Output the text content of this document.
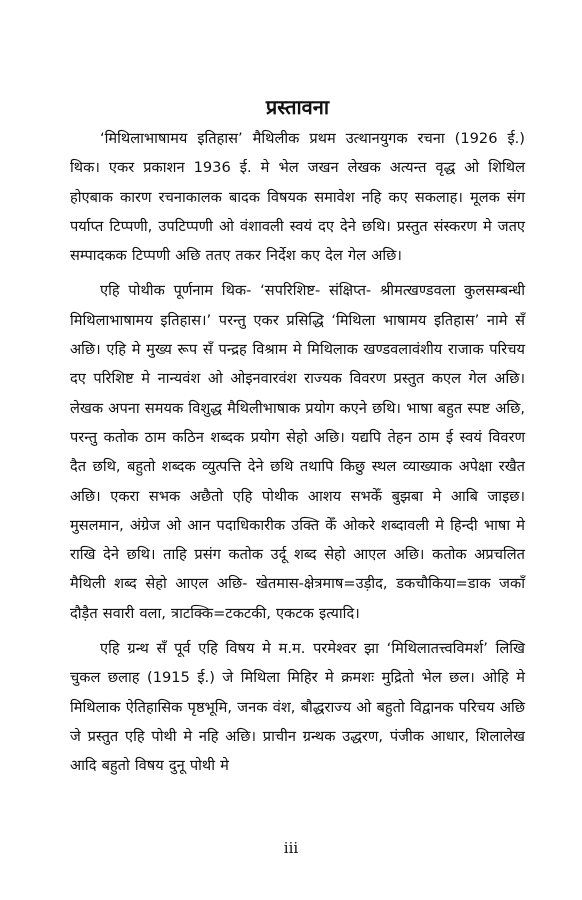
प्रस्तावना

‘मिथिलाभाषामय इतिहास’ मैथिलीक प्रथम उत्थानयुगक रचना (1926 ई.) थिक। एकर प्रकाशन 1936 ई. मे भेल जखन लेखक अत्यन्त वृद्ध ओ शिथिल होएबाक कारण रचनाकालक बादक विषयक समावेश नहि कए सकलाह। मूलक संग पर्याप्त टिप्पणी, उपटिप्पणी ओ वंशावली स्वयं दए देने छथि। प्रस्तुत संस्करण मे जतए सम्पादकक टिप्पणी अछि ततए तकर निर्देश कए देल गेल अछि।

एहि पोथीक पूर्णनाम थिक- ‘सपरिशिष्ट- संक्षिप्त- श्रीमत्खण्डवला कुलसम्बन्धी मिथिलाभाषामय इतिहास।’ परन्तु एकर प्रसिद्धि ‘मिथिला भाषामय इतिहास’ नामे सँ अछि। एहि मे मुख्य रूप सँ पन्द्रह विश्राम मे मिथिलाक खण्डवलावंशीय राजाक परिचय दए परिशिष्ट मे नान्यवंश ओ ओइनवारवंश राज्यक विवरण प्रस्तुत कएल गेल अछि। लेखक अपना समयक विशुद्ध मैथिलीभाषाक प्रयोग कएने छथि। भाषा बहुत स्पष्ट अछि, परन्तु कतोक ठाम कठिन शब्दक प्रयोग सेहो अछि। यद्यपि तेहन ठाम ई स्वयं विवरण दैत छथि, बहुतो शब्दक व्युत्पत्ति देने छथि तथापि किछु स्थल व्याख्याक अपेक्षा रखैत अछि। एकरा सभक अछैतो एहि पोथीक आशय सभकेँ बुझबा मे आबि जाइछ। मुसलमान, अंग्रेज ओ आन पदाधिकारीक उक्ति केँ ओकरे शब्दावली मे हिन्दी भाषा मे राखि देने छथि। ताहि प्रसंग कतोक उर्दू शब्द सेहो आएल अछि। कतोक अप्रचलित मैथिली शब्द सेहो आएल अछि- खेतमास-क्षेत्रमाष=उड़ीद, डकचौकिया=डाक जकाँ दौड़ैत सवारी वला, त्राटक्कि=टकटकी, एकटक इत्यादि।

एहि ग्रन्थ सँ पूर्व एहि विषय मे म.म. परमेश्वर झा ‘मिथिलातत्त्वविमर्श’ लिखि चुकल छलाह (1915 ई.) जे मिथिला मिहिर मे क्रमशः मुद्रितो भेल छल। ओहि मे मिथिलाक ऐतिहासिक पृष्ठभूमि, जनक वंश, बौद्धराज्य ओ बहुतो विद्वानक परिचय अछि जे प्रस्तुत एहि पोथी मे नहि अछि। प्राचीन ग्रन्थक उद्धरण, पंजीक आधार, शिलालेख आदि बहुतो विषय दुनू पोथी मे

iii
